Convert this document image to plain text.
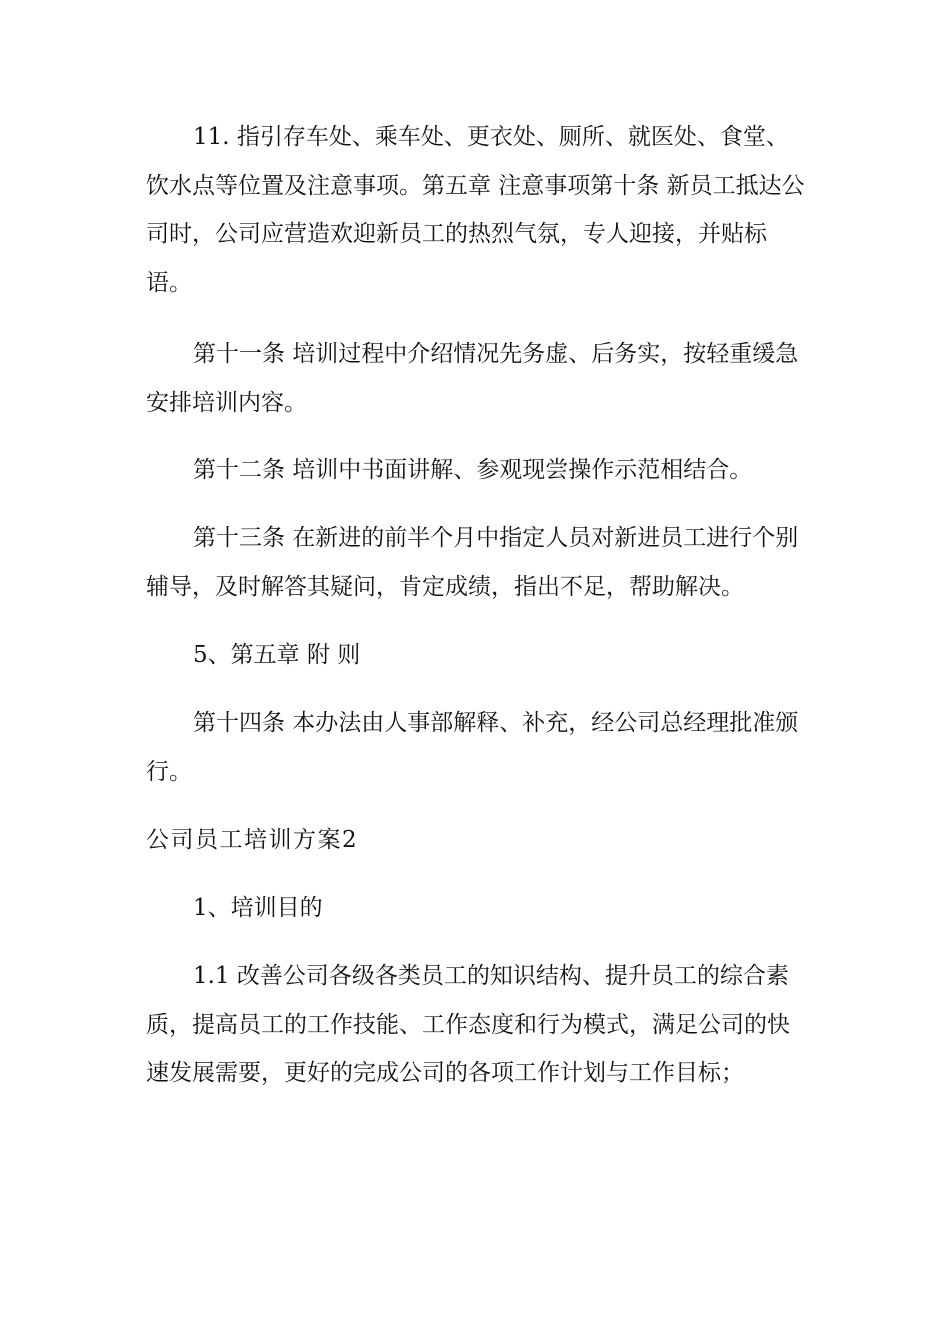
11. 指引存车处、乘车处、更衣处、厕所、就医处、食堂、饮水点等位置及注意事项。第五章 注意事项第十条 新员工抵达公司时，公司应营造欢迎新员工的热烈气氛，专人迎接，并贴标语。

第十一条 培训过程中介绍情况先务虚、后务实，按轻重缓急安排培训内容。

第十二条 培训中书面讲解、参观现尝操作示范相结合。

第十三条 在新进的前半个月中指定人员对新进员工进行个别辅导，及时解答其疑问，肯定成绩，指出不足，帮助解决。

5、第五章 附 则

第十四条 本办法由人事部解释、补充，经公司总经理批准颁行。

公司员工培训方案2

1、培训目的

1.1 改善公司各级各类员工的知识结构、提升员工的综合素质，提高员工的工作技能、工作态度和行为模式，满足公司的快速发展需要，更好的完成公司的各项工作计划与工作目标；
